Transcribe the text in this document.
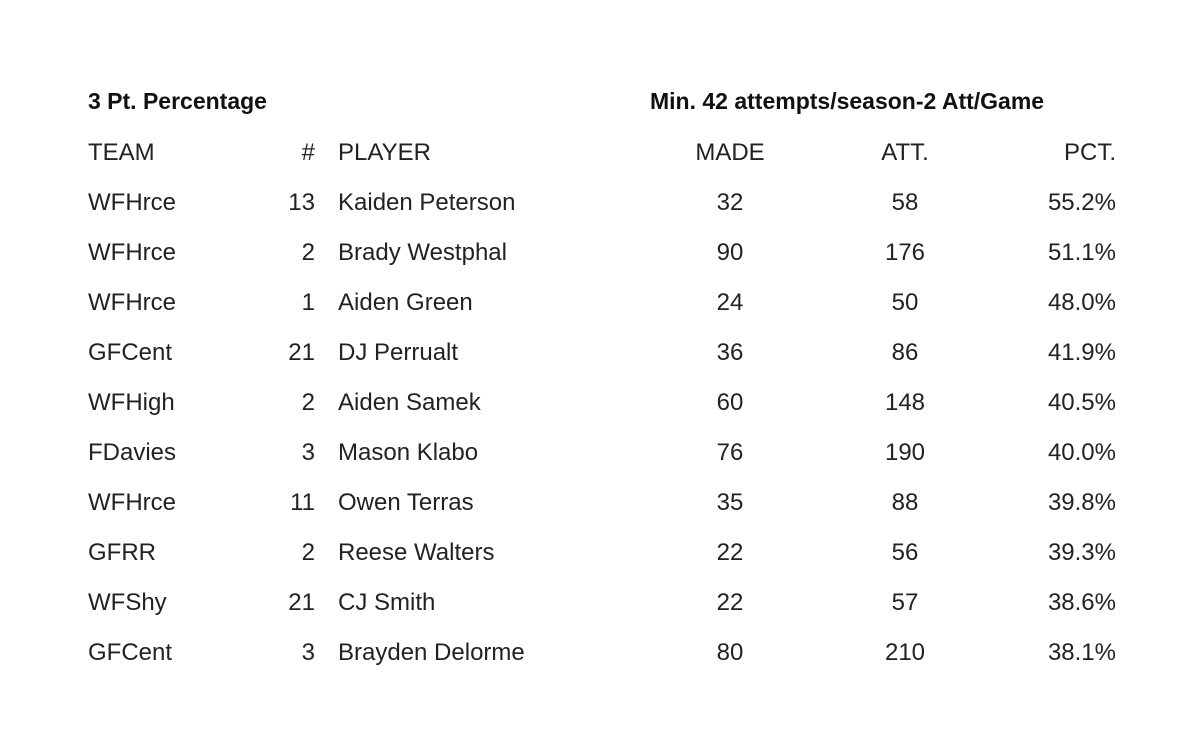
3 Pt. Percentage	Min. 42 attempts/season-2 Att/Game
TEAM	# PLAYER	MADE	ATT.	PCT.
WFHrce	13 Kaiden Peterson	32	58	55.2%
WFHrce	2 Brady Westphal	90	176	51.1%
WFHrce	1 Aiden Green	24	50	48.0%
GFCent	21 DJ Perrualt	36	86	41.9%
WFHigh	2 Aiden Samek	60	148	40.5%
FDavies	3 Mason Klabo	76	190	40.0%
WFHrce	11 Owen Terras	35	88	39.8%
GFRR	2 Reese Walters	22	56	39.3%
WFShy	21 CJ Smith	22	57	38.6%
GFCent	3 Brayden Delorme	80	210	38.1%
